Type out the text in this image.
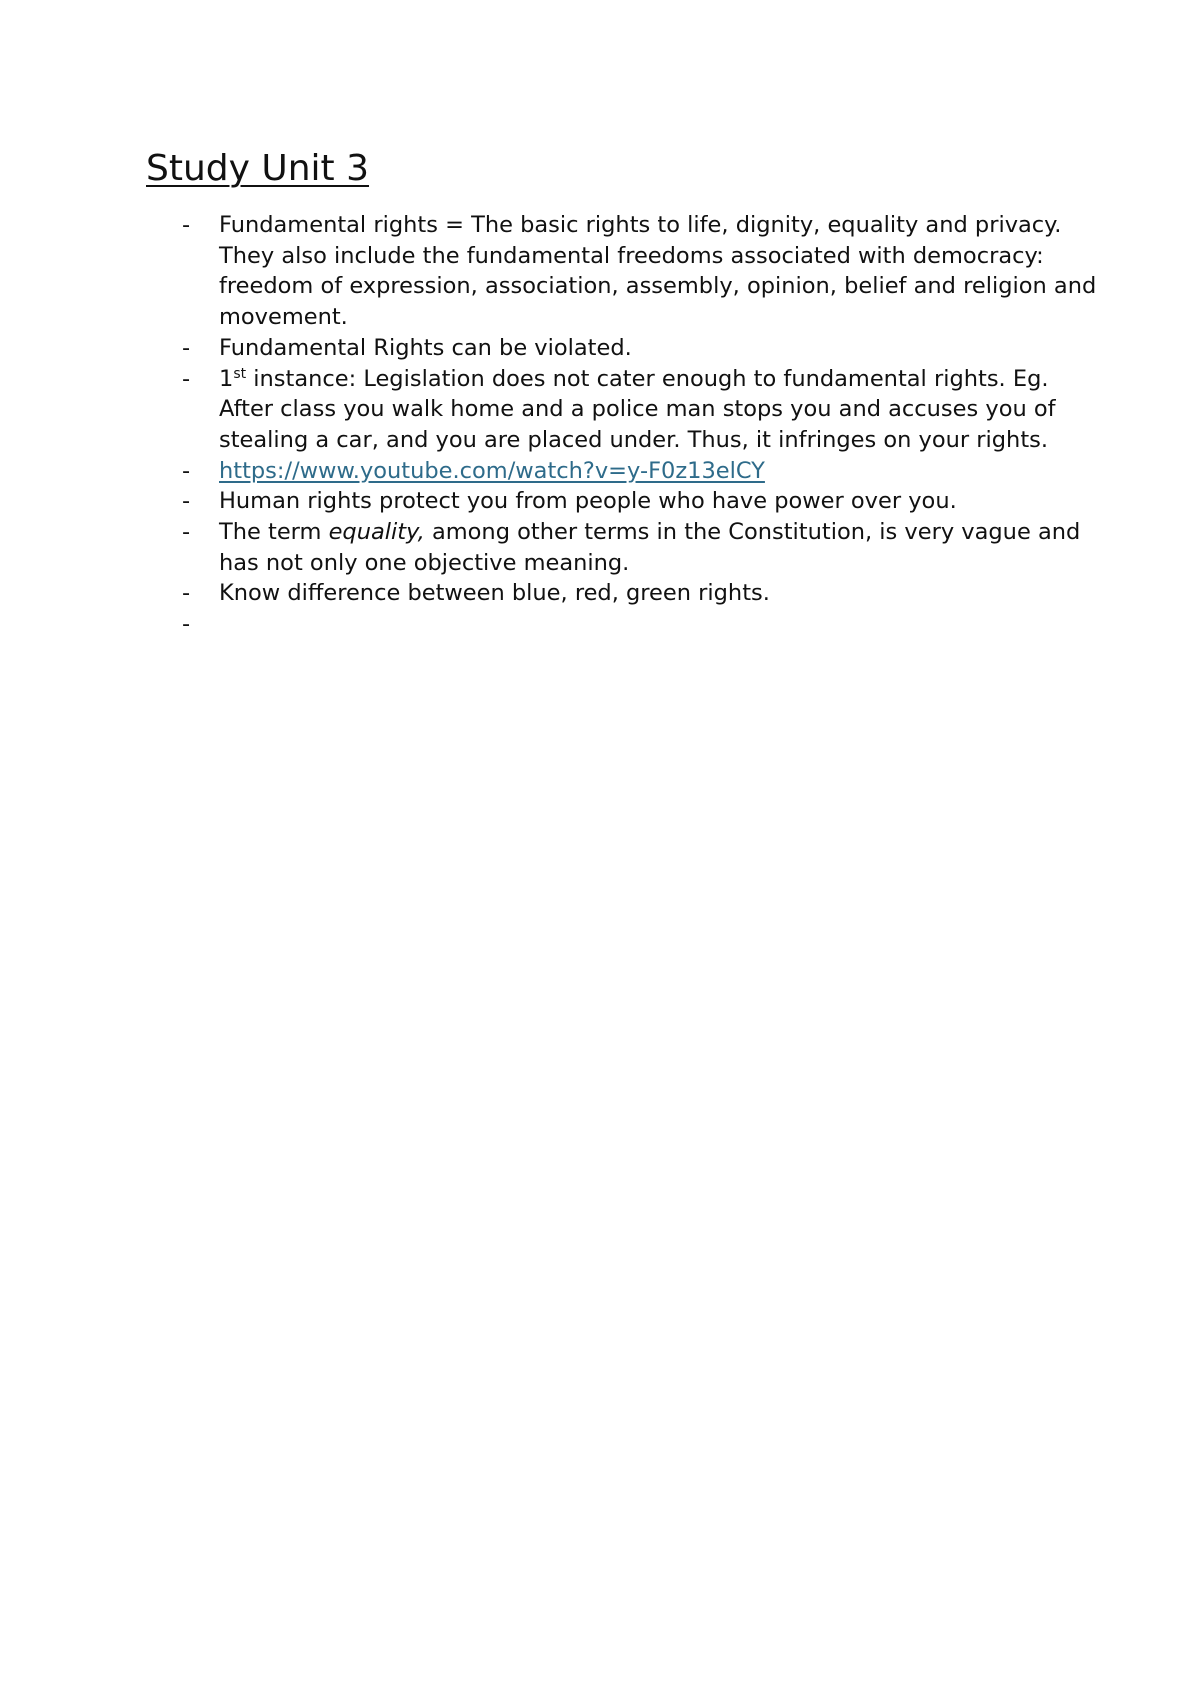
Study Unit 3
-	Fundamental rights = The basic rights to life, dignity, equality and privacy. They also include the fundamental freedoms associated with democracy: freedom of expression, association, assembly, opinion, belief and religion and movement.
-	Fundamental Rights can be violated.
-	1st instance: Legislation does not cater enough to fundamental rights. Eg. After class you walk home and a police man stops you and accuses you of stealing a car, and you are placed under. Thus, it infringes on your rights.
-	https://www.youtube.com/watch?v=y-F0z13elCY
-	Human rights protect you from people who have power over you.
-	The term equality, among other terms in the Constitution, is very vague and has not only one objective meaning.
-	Know difference between blue, red, green rights.
-
